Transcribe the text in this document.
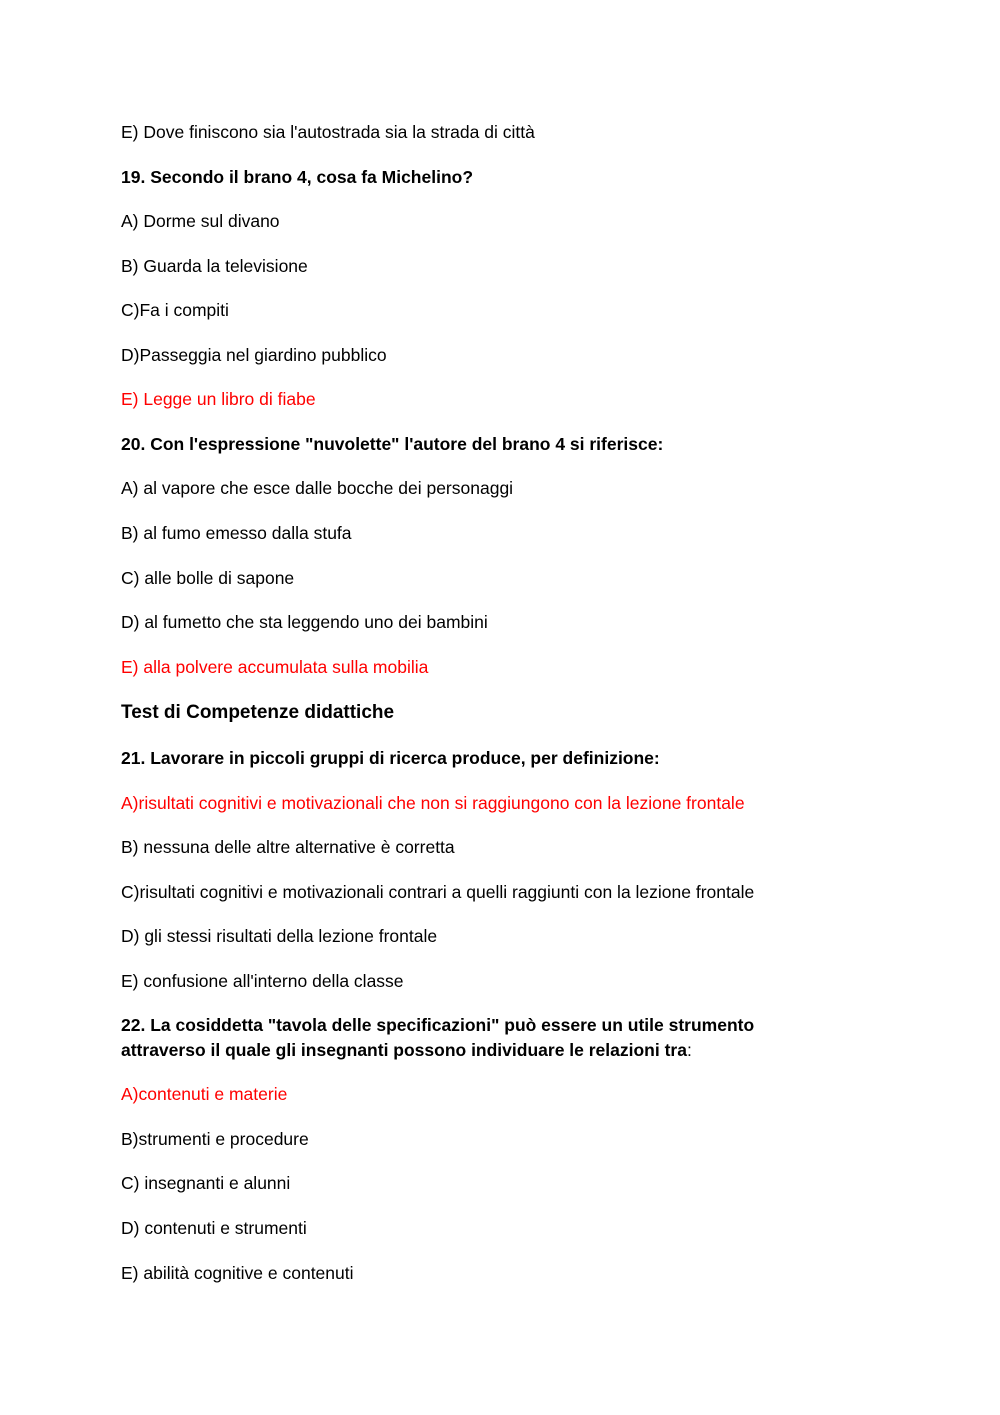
E) Dove finiscono sia l'autostrada sia la strada di città
19. Secondo il brano 4, cosa fa Michelino?
A) Dorme sul divano
B) Guarda la televisione
C)Fa i compiti
D)Passeggia nel giardino pubblico
E) Legge un libro di fiabe
20. Con l'espressione "nuvolette" l'autore del brano 4 si riferisce:
A) al vapore che esce dalle bocche dei personaggi
B) al fumo emesso dalla stufa
C) alle bolle di sapone
D) al fumetto che sta leggendo uno dei bambini
E) alla polvere accumulata sulla mobilia
Test di Competenze didattiche
21. Lavorare in piccoli gruppi di ricerca produce, per definizione:
A)risultati cognitivi e motivazionali che non si raggiungono con la lezione frontale
B) nessuna delle altre alternative è corretta
C)risultati cognitivi e motivazionali contrari a quelli raggiunti con la lezione frontale
D) gli stessi risultati della lezione frontale
E) confusione all'interno della classe
22. La cosiddetta "tavola delle specificazioni" può essere un utile strumento
attraverso il quale gli insegnanti possono individuare le relazioni tra:
A)contenuti e materie
B)strumenti e procedure
C) insegnanti e alunni
D) contenuti e strumenti
E) abilità cognitive e contenuti
